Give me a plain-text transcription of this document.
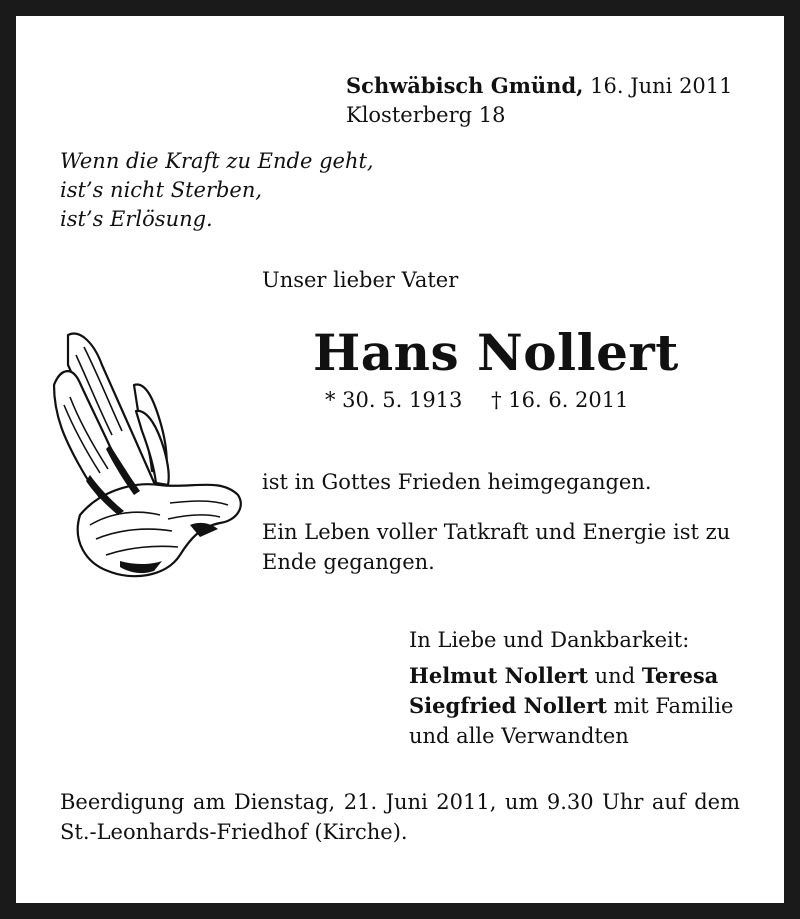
Schwäbisch Gmünd, 16. Juni 2011
Klosterberg 18
Wenn die Kraft zu Ende geht,
ist’s nicht Sterben,
ist’s Erlösung.
Unser lieber Vater
Hans Nollert
* 30. 5. 1913 † 16. 6. 2011
ist in Gottes Frieden heimgegangen.
Ein Leben voller Tatkraft und Energie ist zu Ende gegangen.
In Liebe und Dankbarkeit:
Helmut Nollert und Teresa
Siegfried Nollert mit Familie
und alle Verwandten
Beerdigung am Dienstag, 21. Juni 2011, um 9.30 Uhr auf dem St.-Leonhards-Friedhof (Kirche).
